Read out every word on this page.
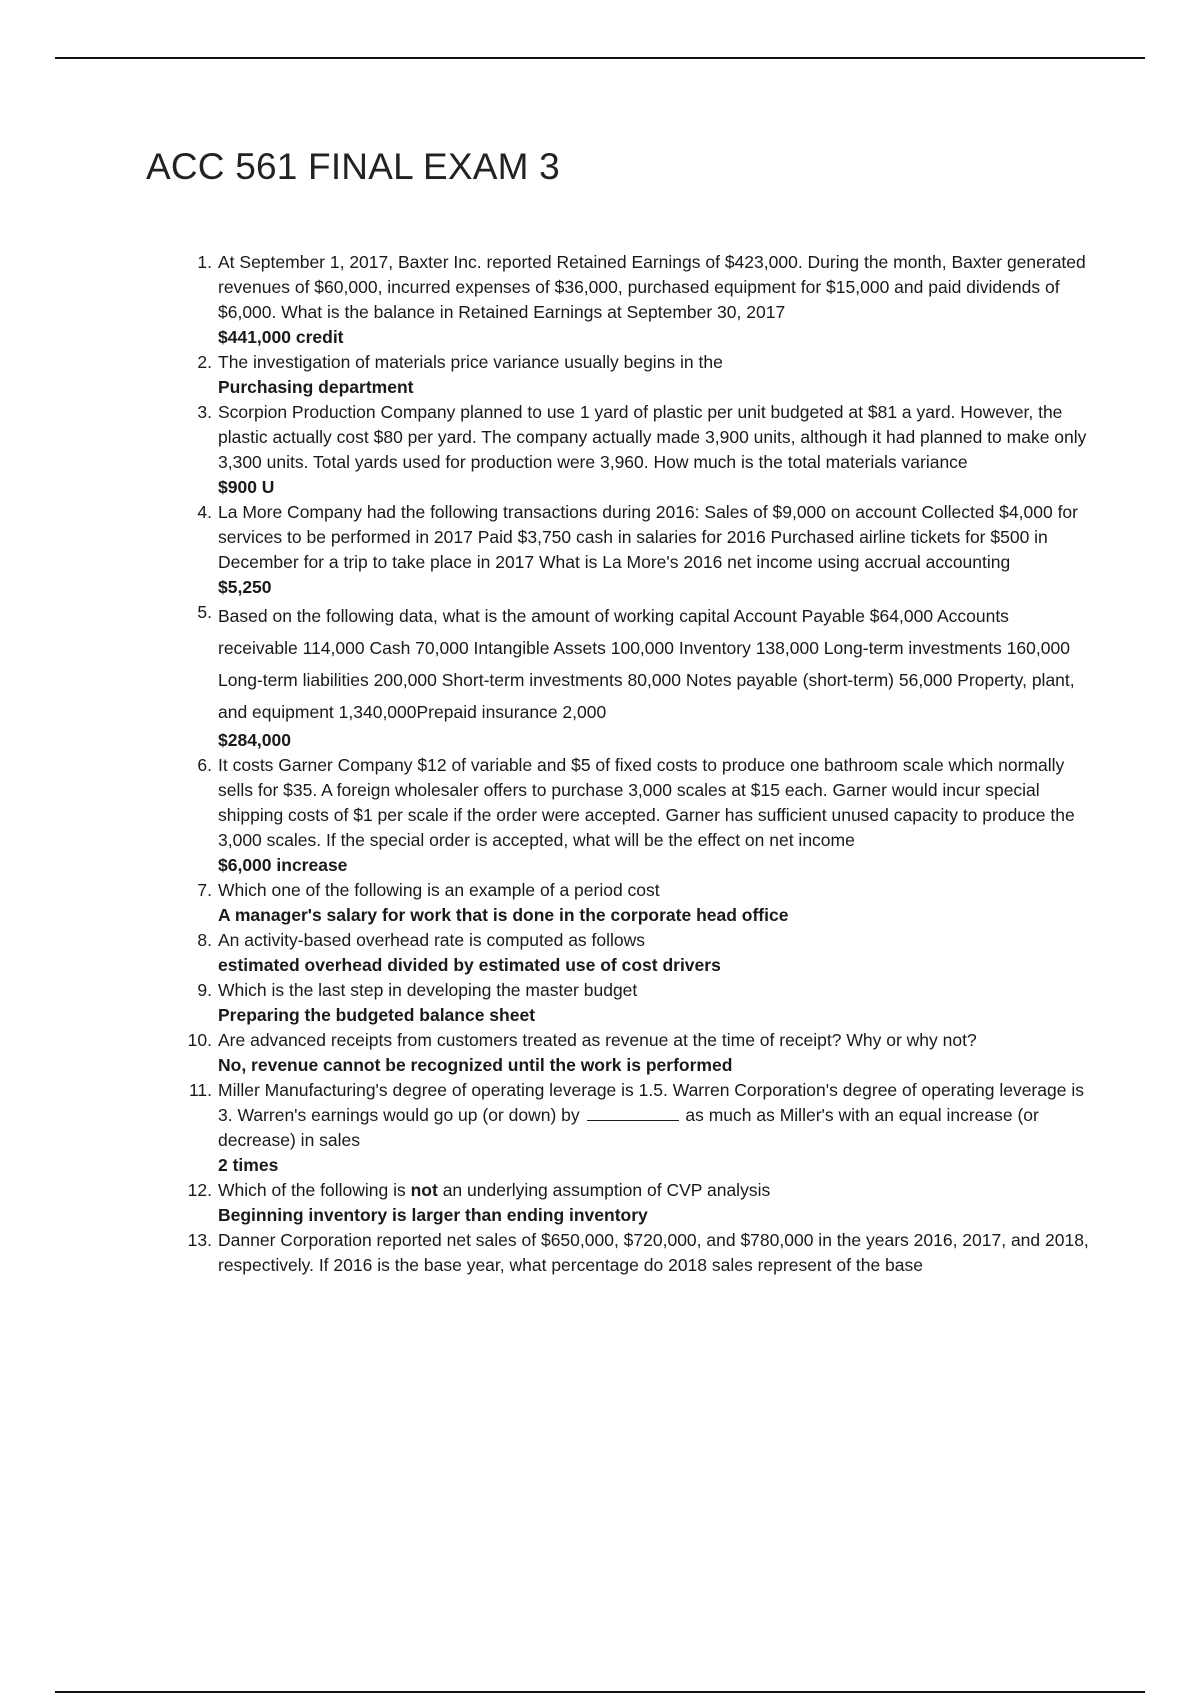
ACC 561 FINAL EXAM 3
1. At September 1, 2017, Baxter Inc. reported Retained Earnings of $423,000. During the month, Baxter generated revenues of $60,000, incurred expenses of $36,000, purchased equipment for $15,000 and paid dividends of $6,000. What is the balance in Retained Earnings at September 30, 2017

$441,000 credit

2. The investigation of materials price variance usually begins in the

Purchasing department

3. Scorpion Production Company planned to use 1 yard of plastic per unit budgeted at $81 a yard. However, the plastic actually cost $80 per yard. The company actually made 3,900 units, although it had planned to make only 3,300 units. Total yards used for production were 3,960. How much is the total materials variance

$900 U

4. La More Company had the following transactions during 2016: Sales of $9,000 on account Collected $4,000 for services to be performed in 2017 Paid $3,750 cash in salaries for 2016 Purchased airline tickets for $500 in December for a trip to take place in 2017 What is La More's 2016 net income using accrual accounting

$5,250

5. Based on the following data, what is the amount of working capital Account Payable $64,000 Accounts receivable 114,000 Cash 70,000 Intangible Assets 100,000 Inventory 138,000 Long-term investments 160,000 Long-term liabilities 200,000 Short-term investments 80,000 Notes payable (short-term) 56,000 Property, plant, and equipment 1,340,000Prepaid insurance 2,000

$284,000

6. It costs Garner Company $12 of variable and $5 of fixed costs to produce one bathroom scale which normally sells for $35. A foreign wholesaler offers to purchase 3,000 scales at $15 each. Garner would incur special shipping costs of $1 per scale if the order were accepted. Garner has sufficient unused capacity to produce the 3,000 scales. If the special order is accepted, what will be the effect on net income

$6,000 increase

7. Which one of the following is an example of a period cost

A manager's salary for work that is done in the corporate head office

8. An activity-based overhead rate is computed as follows

estimated overhead divided by estimated use of cost drivers

9. Which is the last step in developing the master budget

Preparing the budgeted balance sheet

10. Are advanced receipts from customers treated as revenue at the time of receipt? Why or why not?

No, revenue cannot be recognized until the work is performed

11. Miller Manufacturing's degree of operating leverage is 1.5. Warren Corporation's degree of operating leverage is 3. Warren's earnings would go up (or down) by	as much as Miller's with an equal increase (or decrease) in sales

2 times

12. Which of the following is not an underlying assumption of CVP analysis

Beginning inventory is larger than ending inventory

13. Danner Corporation reported net sales of $650,000, $720,000, and $780,000 in the years 2016, 2017, and 2018, respectively. If 2016 is the base year, what percentage do 2018 sales represent of the base
